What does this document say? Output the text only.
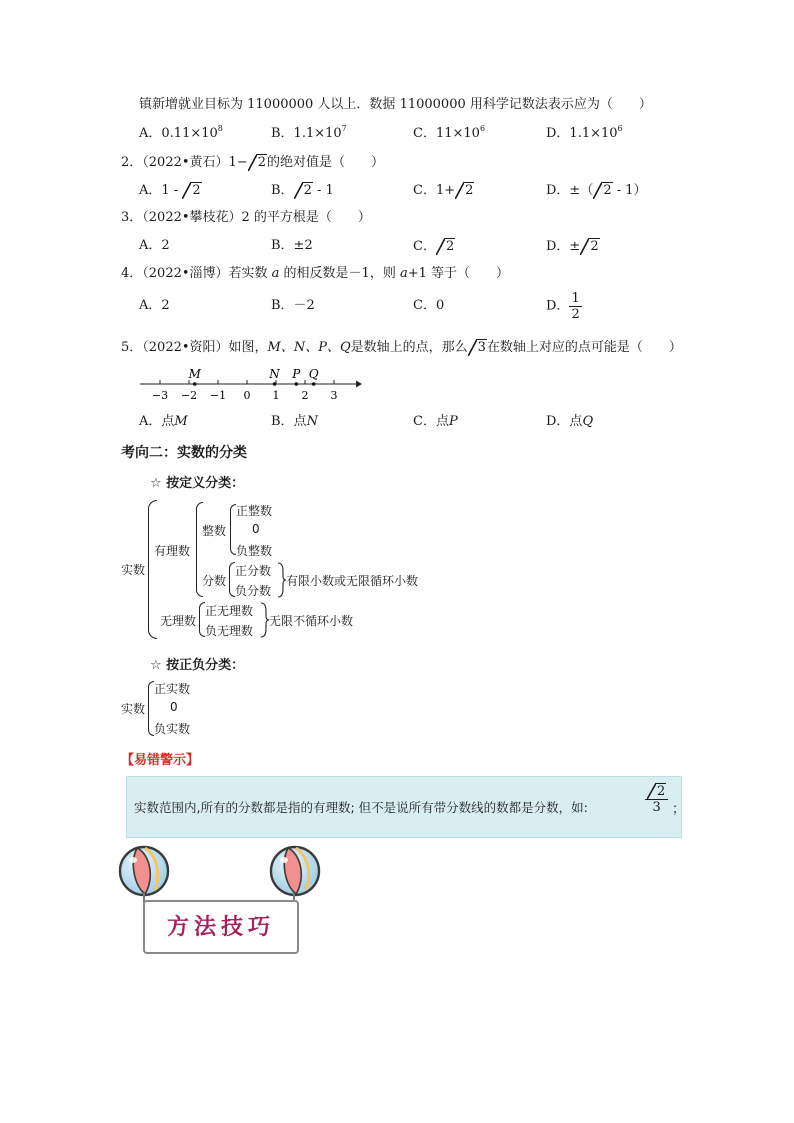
镇新增就业目标为 11000000 人以上．数据 11000000 用科学记数法表示应为（　　）
A．$0.11\times 10^8$	B．$1.1\times 10^7$	C．$11\times 10^6$	D．$1.1\times 10^6$
2．（2022•黄石）1− 2的绝对值是（　　）
A．1 - 2	B． 2 - 1	C．1+ 2	D．±（ 2 - 1）
3．（2022•攀枝花）2 的平方根是（　　）
A．2	B．±2	C． 2	D．± 2
4．（2022•淄博）若实数 a 的相反数是－1，则 a+1 等于（　　）
A．2	B．－2	C．0	D． $\frac{1}{2}$
5．（2022•资阳）如图，M、N、P、Q是数轴上的点，那么 3在数轴上对应的点可能是（　　）
−3 −2 −1 0 1 2 3
M	N P Q
A．点M	B．点N	C．点P	D．点Q
考向二：实数的分类
☆ 按定义分类：
实数
有理数
整数
正整数
0
负整数
分数
正分数
负分数
有限小数或无限循环小数
无理数
正无理数
负无理数
无限不循环小数
☆ 按正负分类：
实数
正实数
0
负实数
【易错警示】
实数范围内,所有的分数都是指的有理数; 但不是说所有带分数线的数都是分数，如:	$\frac{2}{3}$ ；
方法技巧
